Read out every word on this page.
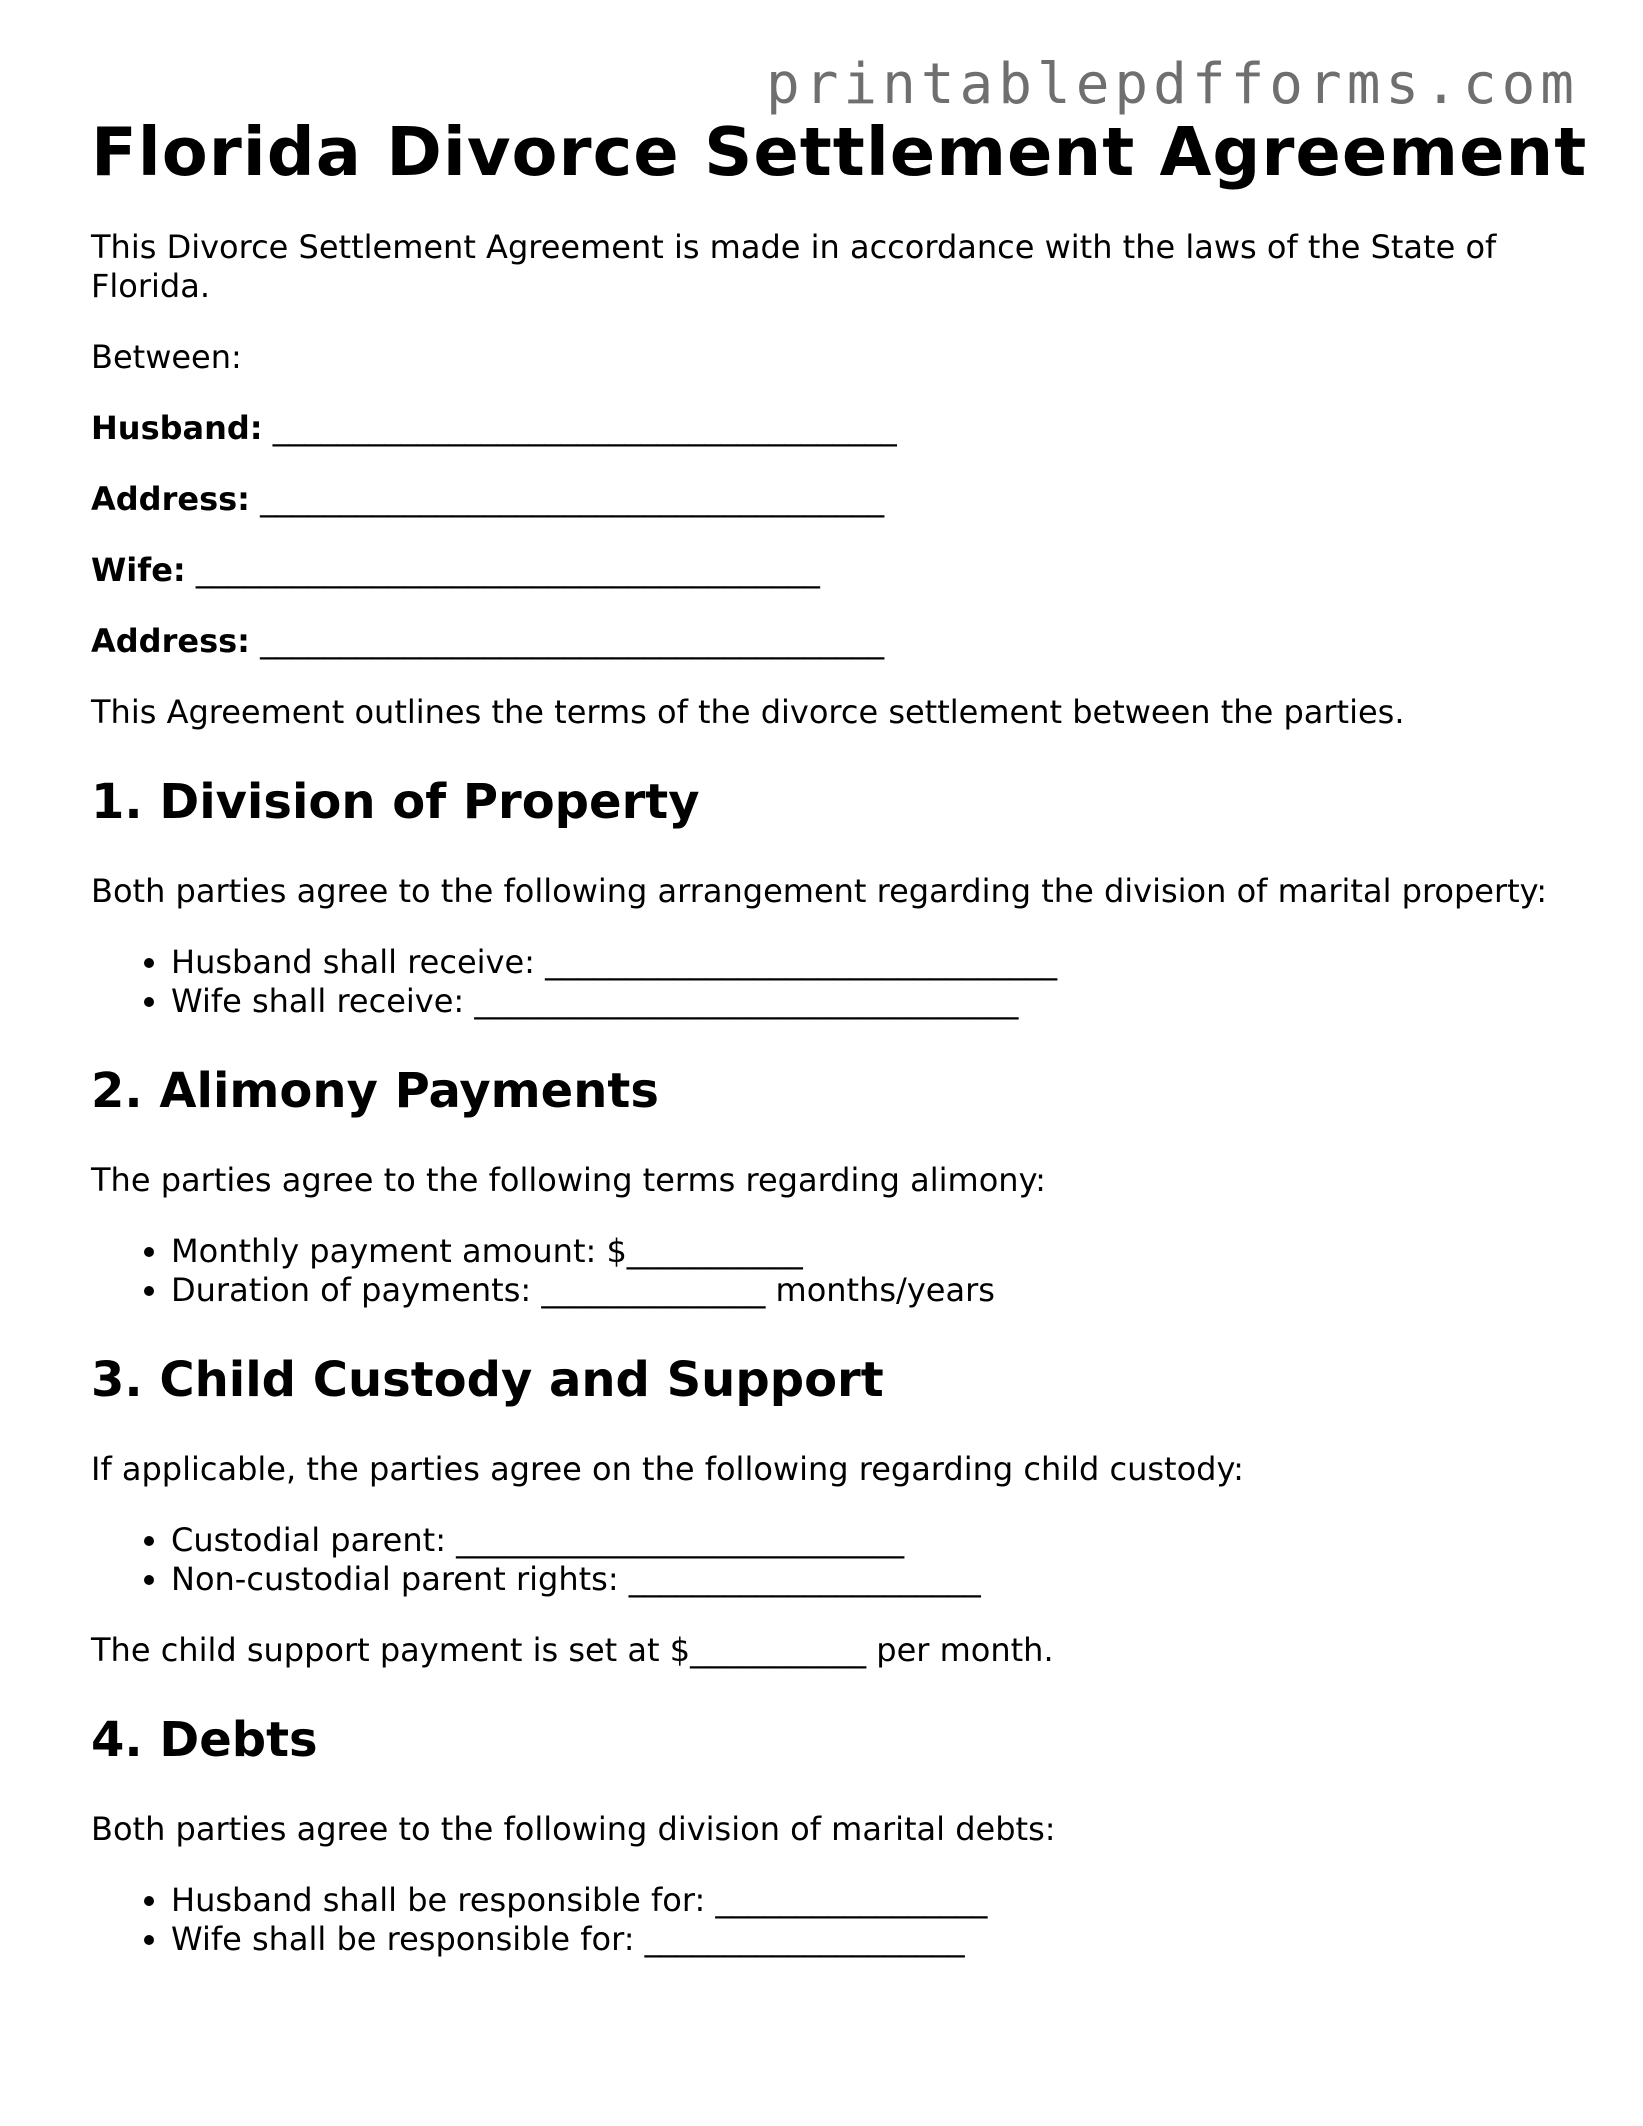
printablepdfforms.com
Florida Divorce Settlement Agreement

This Divorce Settlement Agreement is made in accordance with the laws of the State of Florida.

Between:

Husband: _______________________________________

Address: _______________________________________

Wife: _______________________________________

Address: _______________________________________

This Agreement outlines the terms of the divorce settlement between the parties.

1. Division of Property

Both parties agree to the following arrangement regarding the division of marital property:

• Husband shall receive: ________________________________
• Wife shall receive: __________________________________
2. Alimony Payments

The parties agree to the following terms regarding alimony:

• Monthly payment amount: $___________
• Duration of payments: ______________ months/years
3. Child Custody and Support

If applicable, the parties agree on the following regarding child custody:

• Custodial parent: ____________________________
• Non-custodial parent rights: ______________________

The child support payment is set at $___________ per month.

4. Debts

Both parties agree to the following division of marital debts:

• Husband shall be responsible for: _________________
• Wife shall be responsible for: ____________________
